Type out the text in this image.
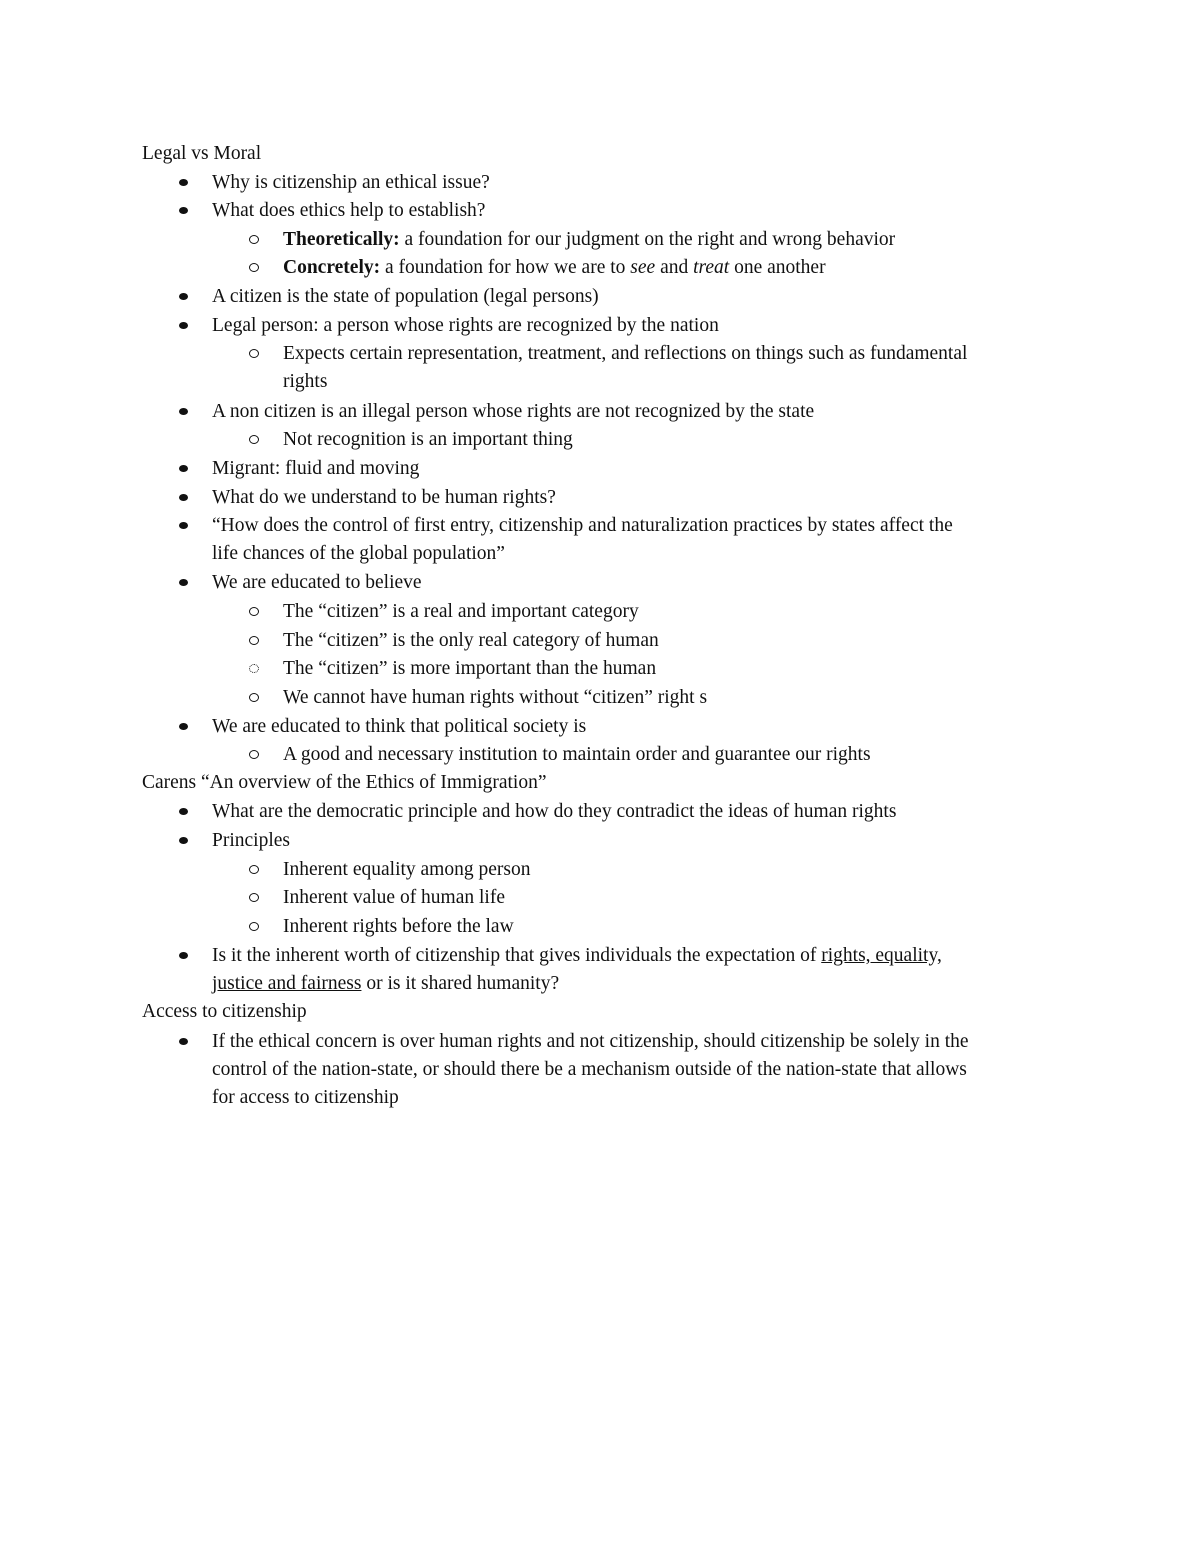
Legal vs Moral
Why is citizenship an ethical issue?
What does ethics help to establish?
Theoretically: a foundation for our judgment on the right and wrong behavior
Concretely: a foundation for how we are to see and treat one another
A citizen is the state of population (legal persons)
Legal person: a person whose rights are recognized by the nation
Expects certain representation, treatment, and reflections on things such as fundamental
rights
A non citizen is an illegal person whose rights are not recognized by the state
Not recognition is an important thing
Migrant: fluid and moving
What do we understand to be human rights?
“How does the control of first entry, citizenship and naturalization practices by states affect the
life chances of the global population”
We are educated to believe
The “citizen” is a real and important category
The “citizen” is the only real category of human
The “citizen” is more important than the human
We cannot have human rights without “citizen” right s
We are educated to think that political society is
A good and necessary institution to maintain order and guarantee our rights
Carens “An overview of the Ethics of Immigration”
What are the democratic principle and how do they contradict the ideas of human rights
Principles
Inherent equality among person
Inherent value of human life
Inherent rights before the law
Is it the inherent worth of citizenship that gives individuals the expectation of rights, equality,
justice and fairness or is it shared humanity?
Access to citizenship
If the ethical concern is over human rights and not citizenship, should citizenship be solely in the
control of the nation-state, or should there be a mechanism outside of the nation-state that allows
for access to citizenship
